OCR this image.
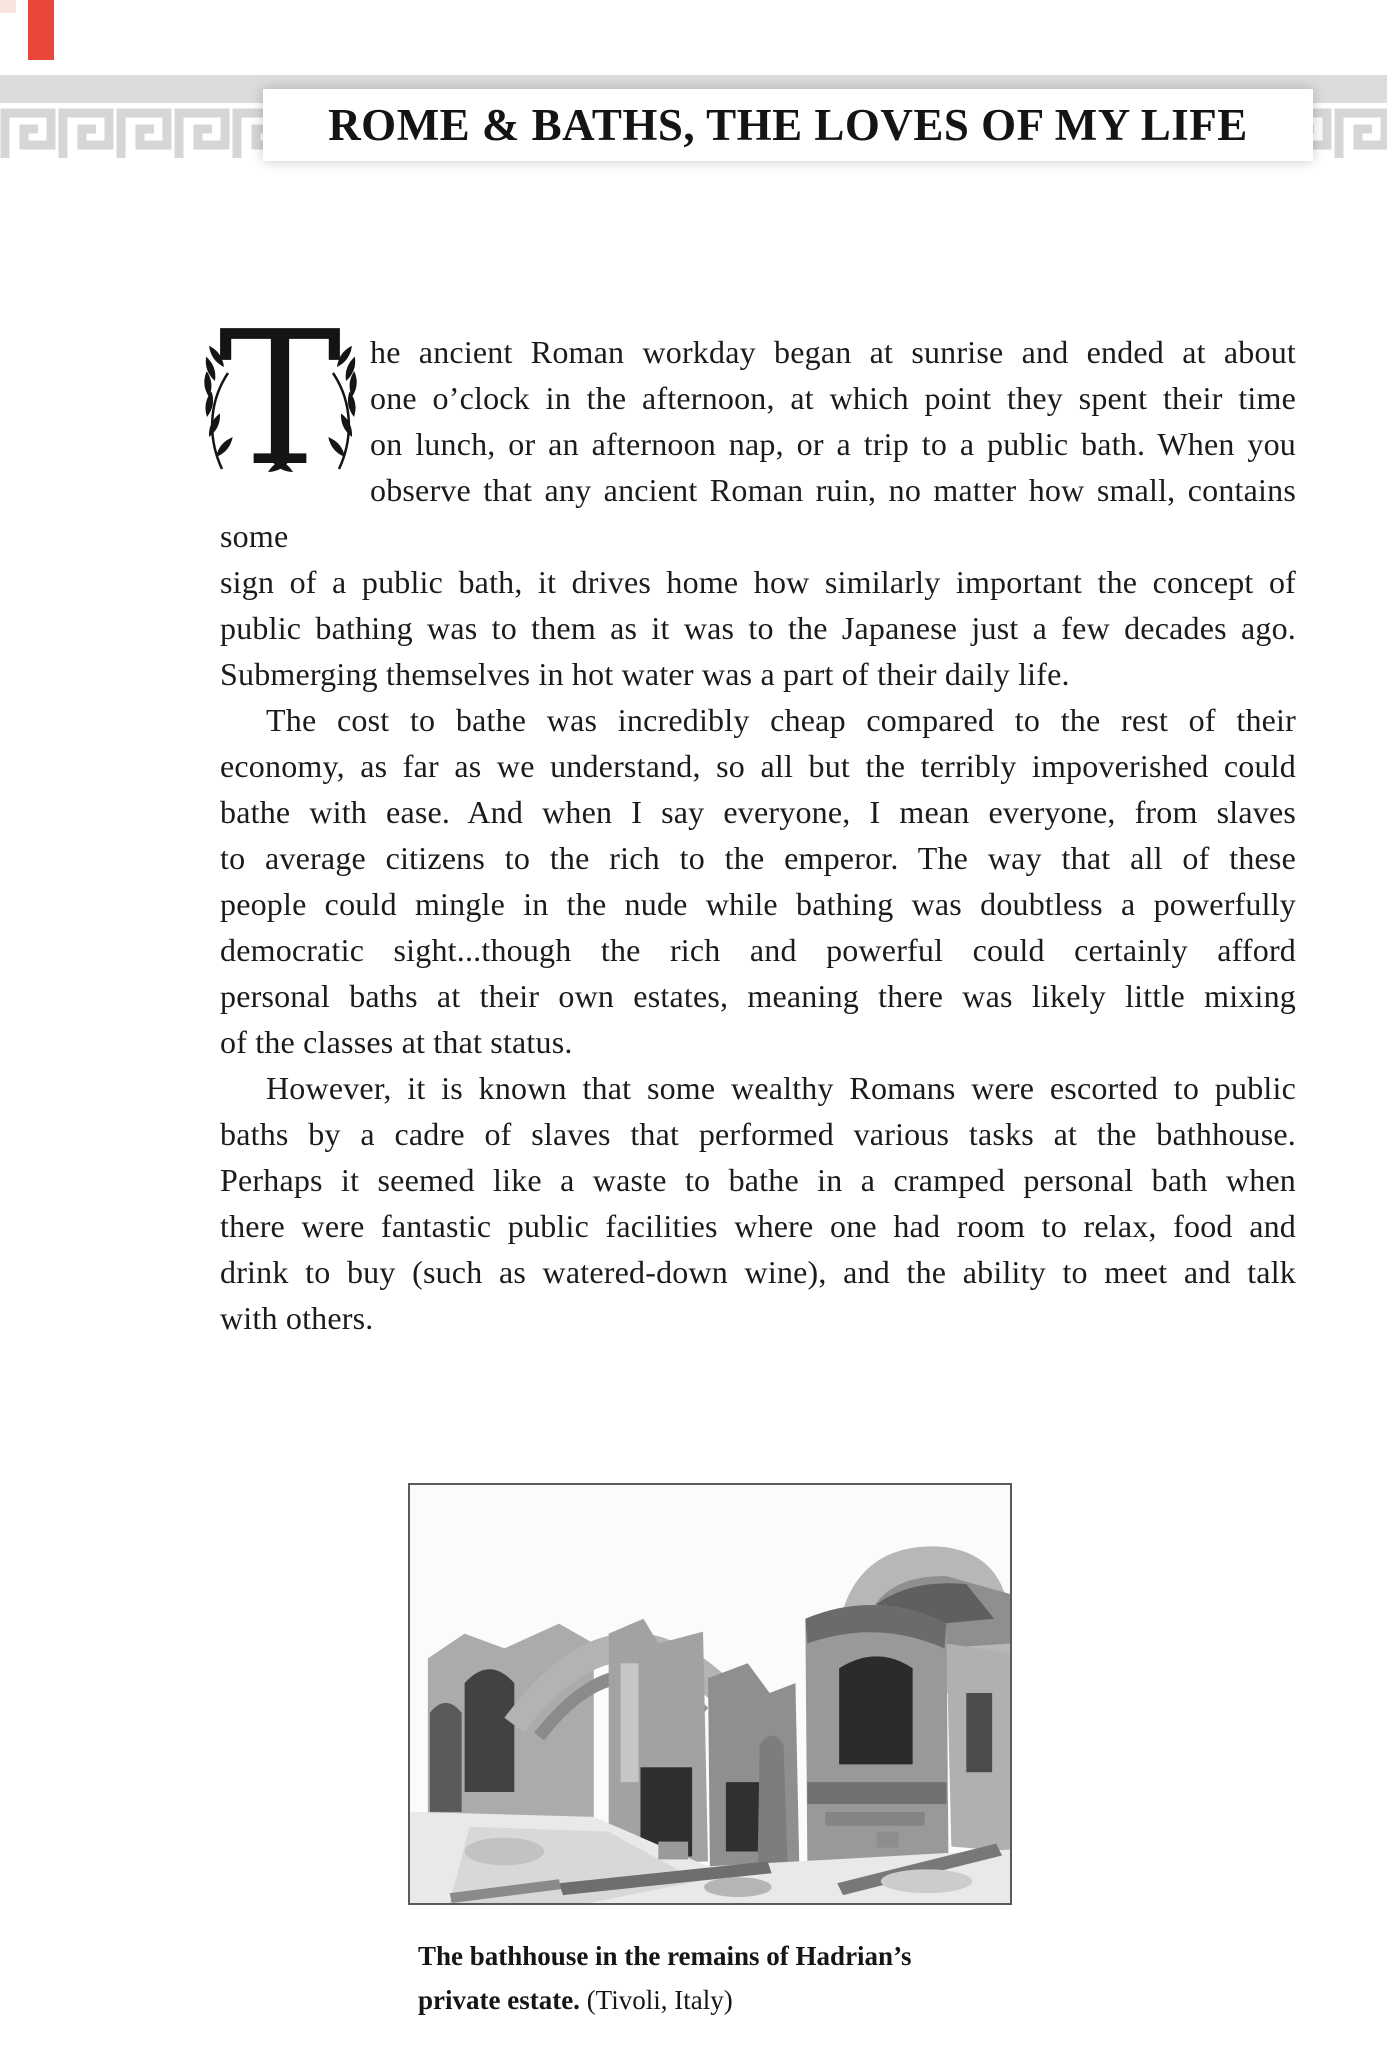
ROME & BATHS, THE LOVES OF MY LIFE
T he ancient Roman workday began at sunrise and ended at about
one o’clock in the afternoon, at which point they spent their time
on lunch, or an afternoon nap, or a trip to a public bath. When you
observe that any ancient Roman ruin, no matter how small, contains some
sign of a public bath, it drives home how similarly important the concept of
public bathing was to them as it was to the Japanese just a few decades ago.
Submerging themselves in hot water was a part of their daily life.
The cost to bathe was incredibly cheap compared to the rest of their
economy, as far as we understand, so all but the terribly impoverished could
bathe with ease. And when I say everyone, I mean everyone, from slaves
to average citizens to the rich to the emperor. The way that all of these
people could mingle in the nude while bathing was doubtless a powerfully
democratic sight...though the rich and powerful could certainly afford
personal baths at their own estates, meaning there was likely little mixing
of the classes at that status.
However, it is known that some wealthy Romans were escorted to public
baths by a cadre of slaves that performed various tasks at the bathhouse.
Perhaps it seemed like a waste to bathe in a cramped personal bath when
there were fantastic public facilities where one had room to relax, food and
drink to buy (such as watered-down wine), and the ability to meet and talk
with others.
The bathhouse in the remains of Hadrian’s
private estate. (Tivoli, Italy)
